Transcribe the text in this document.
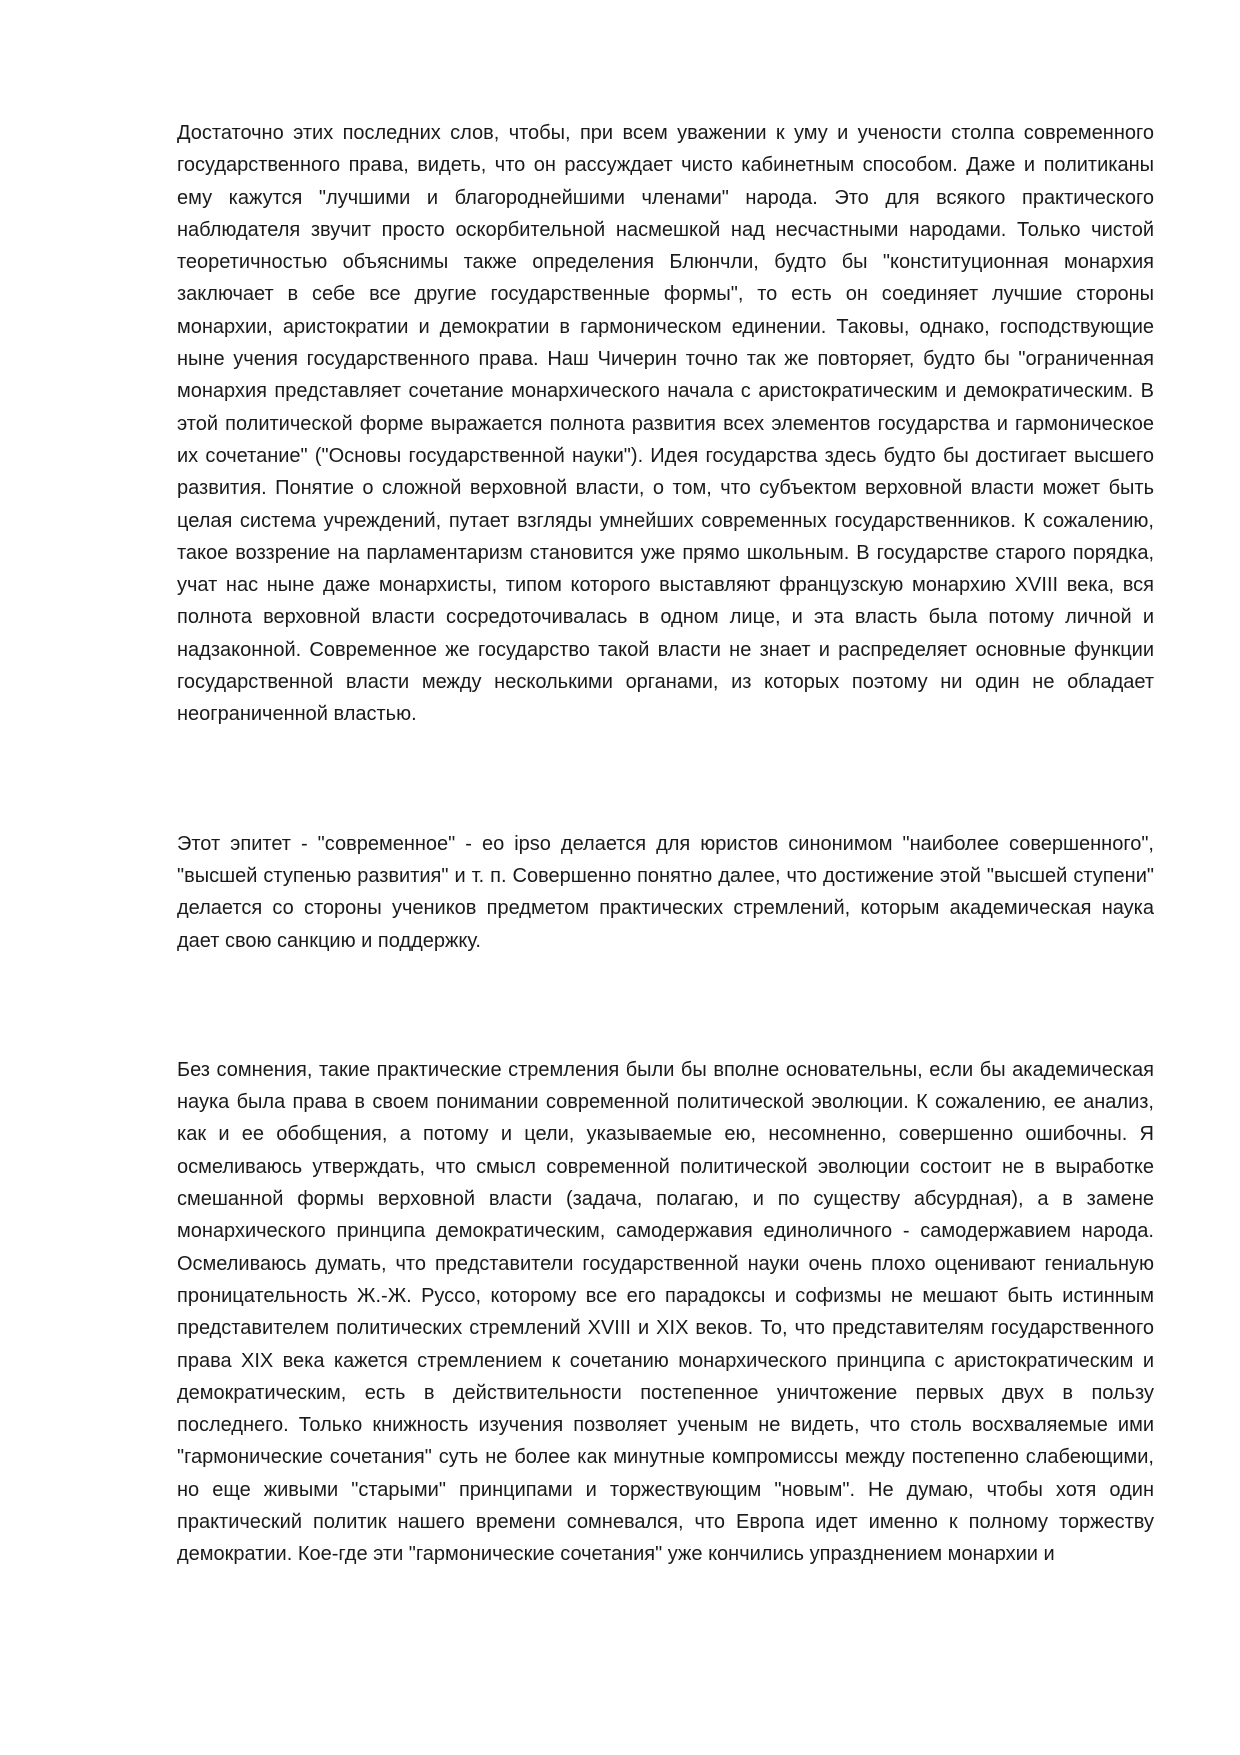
Достаточно этих последних слов, чтобы, при всем уважении к уму и учености столпа современного государственного права, видеть, что он рассуждает чисто кабинетным способом. Даже и политиканы ему кажутся "лучшими и благороднейшими членами" народа. Это для всякого практического наблюдателя звучит просто оскорбительной насмешкой над несчастными народами. Только чистой теоретичностью объяснимы также определения Блюнчли, будто бы "конституционная монархия заключает в себе все другие государственные формы", то есть он соединяет лучшие стороны монархии, аристократии и демократии в гармоническом единении. Таковы, однако, господствующие ныне учения государственного права. Наш Чичерин точно так же повторяет, будто бы "ограниченная монархия представляет сочетание монархического начала с аристократическим и демократическим. В этой политической форме выражается полнота развития всех элементов государства и гармоническое их сочетание" ("Основы государственной науки"). Идея государства здесь будто бы достигает высшего развития. Понятие о сложной верховной власти, о том, что субъектом верховной власти может быть целая система учреждений, путает взгляды умнейших современных государственников. К сожалению, такое воззрение на парламентаризм становится уже прямо школьным. В государстве старого порядка, учат нас ныне даже монархисты, типом которого выставляют французскую монархию XVIII века, вся полнота верховной власти сосредоточивалась в одном лице, и эта власть была потому личной и надзаконной. Современное же государство такой власти не знает и распределяет основные функции государственной власти между несколькими органами, из которых поэтому ни один не обладает неограниченной властью.

Этот эпитет - "современное" - eo ipso делается для юристов синонимом "наиболее совершенного", "высшей ступенью развития" и т. п. Совершенно понятно далее, что достижение этой "высшей ступени" делается со стороны учеников предметом практических стремлений, которым академическая наука дает свою санкцию и поддержку.

Без сомнения, такие практические стремления были бы вполне основательны, если бы академическая наука была права в своем понимании современной политической эволюции. К сожалению, ее анализ, как и ее обобщения, а потому и цели, указываемые ею, несомненно, совершенно ошибочны. Я осмеливаюсь утверждать, что смысл современной политической эволюции состоит не в выработке смешанной формы верховной власти (задача, полагаю, и по существу абсурдная), а в замене монархического принципа демократическим, самодержавия единоличного - самодержавием народа. Осмеливаюсь думать, что представители государственной науки очень плохо оценивают гениальную проницательность Ж.-Ж. Руссо, которому все его парадоксы и софизмы не мешают быть истинным представителем политических стремлений XVIII и XIX веков. То, что представителям государственного права XIX века кажется стремлением к сочетанию монархического принципа с аристократическим и демократическим, есть в действительности постепенное уничтожение первых двух в пользу последнего. Только книжность изучения позволяет ученым не видеть, что столь восхваляемые ими "гармонические сочетания" суть не более как минутные компромиссы между постепенно слабеющими, но еще живыми "старыми" принципами и торжествующим "новым". Не думаю, чтобы хотя один практический политик нашего времени сомневался, что Европа идет именно к полному торжеству демократии. Кое-где эти "гармонические сочетания" уже кончились упразднением монархии и
